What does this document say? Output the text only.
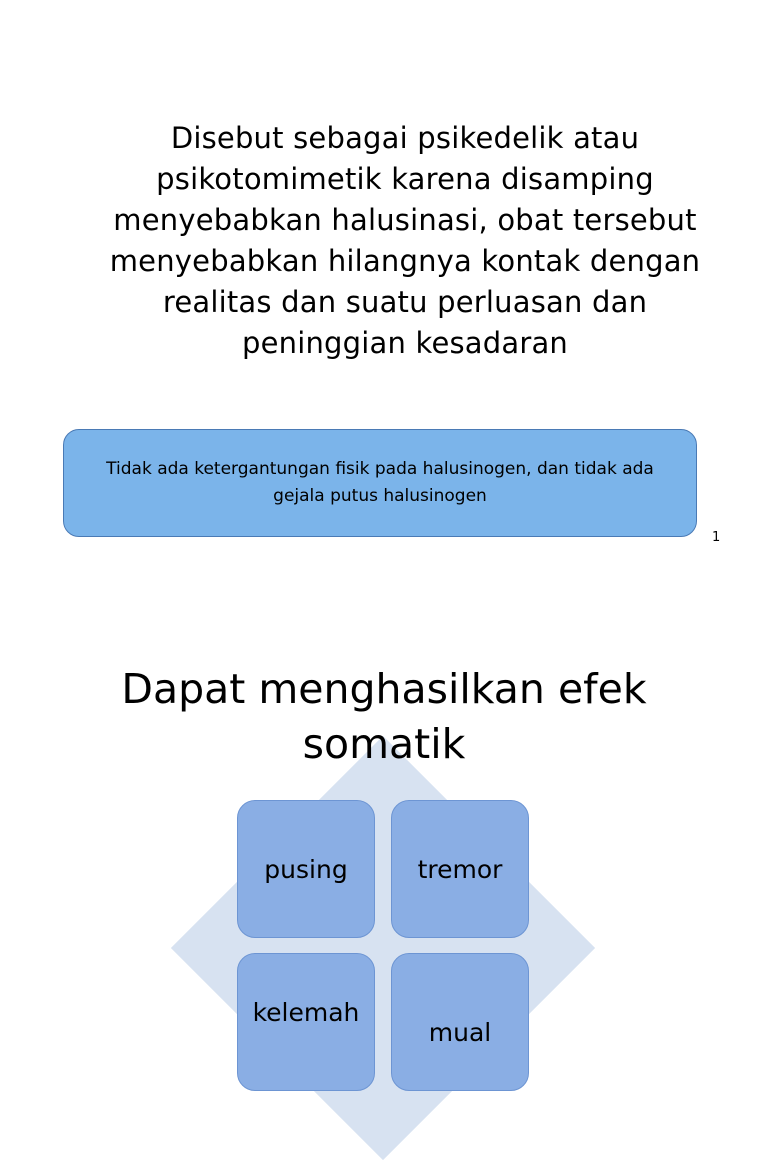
Disebut sebagai psikedelik atau psikotomimetik karena disamping menyebabkan halusinasi, obat tersebut menyebabkan hilangnya kontak dengan realitas dan suatu perluasan dan peninggian kesadaran

Tidak ada ketergantungan fisik pada halusinogen, dan tidak ada gejala putus halusinogen

1
Dapat menghasilkan efek somatik
pusing	tremor
kelemah
mual
